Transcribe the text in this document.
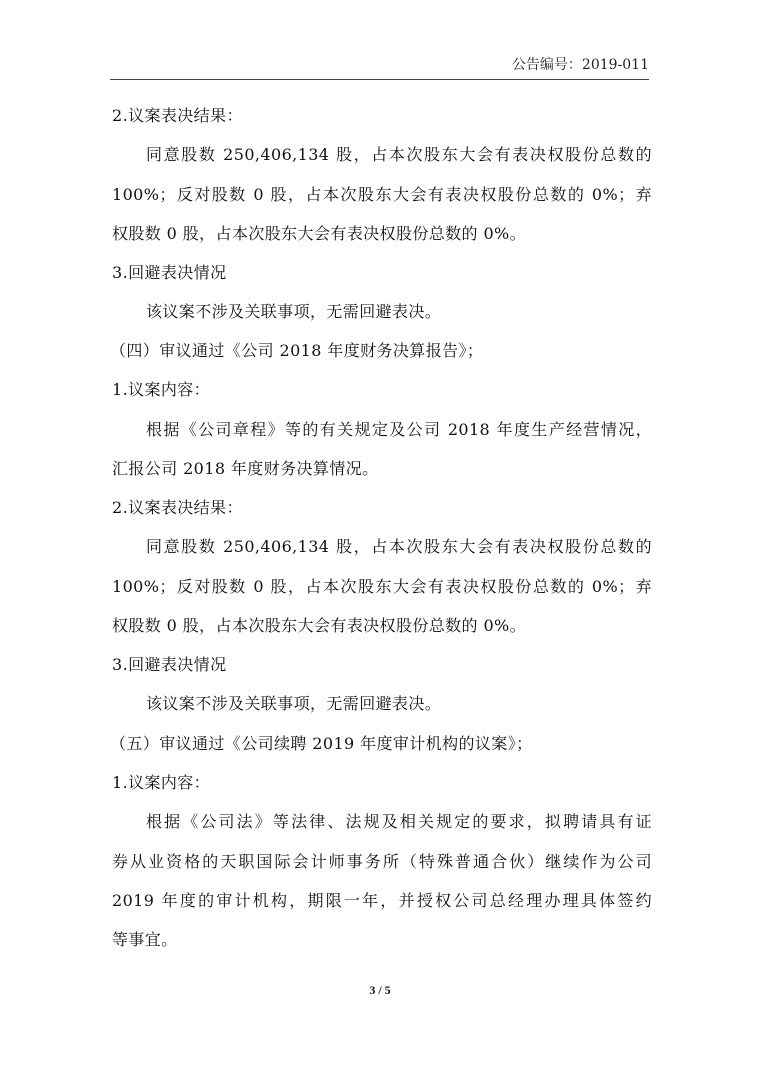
公告编号：2019-011
2.议案表决结果：
同意股数 250,406,134 股，占本次股东大会有表决权股份总数的
100%；反对股数 0 股，占本次股东大会有表决权股份总数的 0%；弃
权股数 0 股，占本次股东大会有表决权股份总数的 0%。
3.回避表决情况
该议案不涉及关联事项，无需回避表决。
（四）审议通过《公司 2018 年度财务决算报告》；
1.议案内容：
根据《公司章程》等的有关规定及公司 2018 年度生产经营情况，
汇报公司 2018 年度财务决算情况。
2.议案表决结果：
同意股数 250,406,134 股，占本次股东大会有表决权股份总数的
100%；反对股数 0 股，占本次股东大会有表决权股份总数的 0%；弃
权股数 0 股，占本次股东大会有表决权股份总数的 0%。
3.回避表决情况
该议案不涉及关联事项，无需回避表决。
（五）审议通过《公司续聘 2019 年度审计机构的议案》；
1.议案内容：
根据《公司法》等法律、法规及相关规定的要求，拟聘请具有证
券从业资格的天职国际会计师事务所（特殊普通合伙）继续作为公司
2019 年度的审计机构，期限一年，并授权公司总经理办理具体签约
等事宜。
3 / 5
